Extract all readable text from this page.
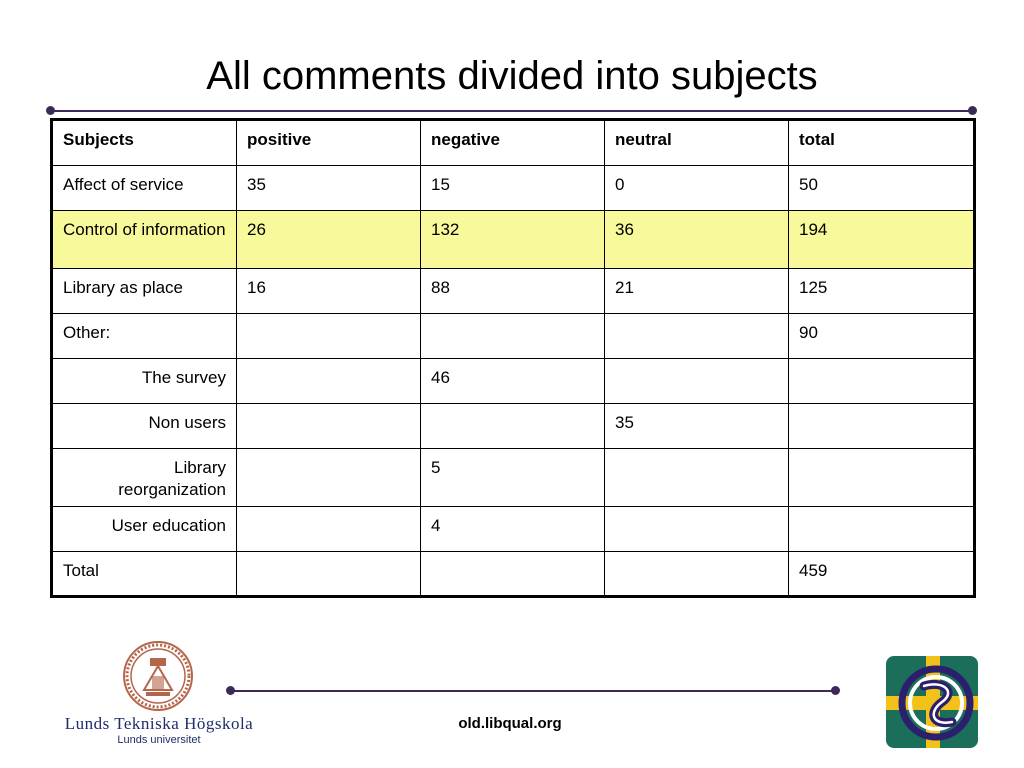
All comments divided into subjects
Subjects	positive	negative	neutral	total
Affect of service	35	15	0	50
Control of information	26	132	36	194
Library as place	16	88	21	125
Other:				90
The survey		46		
Non users			35	
Library reorganization		5		
User education		4		
Total				459
Lunds Tekniska Högskola
Lunds universitet
old.libqual.org
